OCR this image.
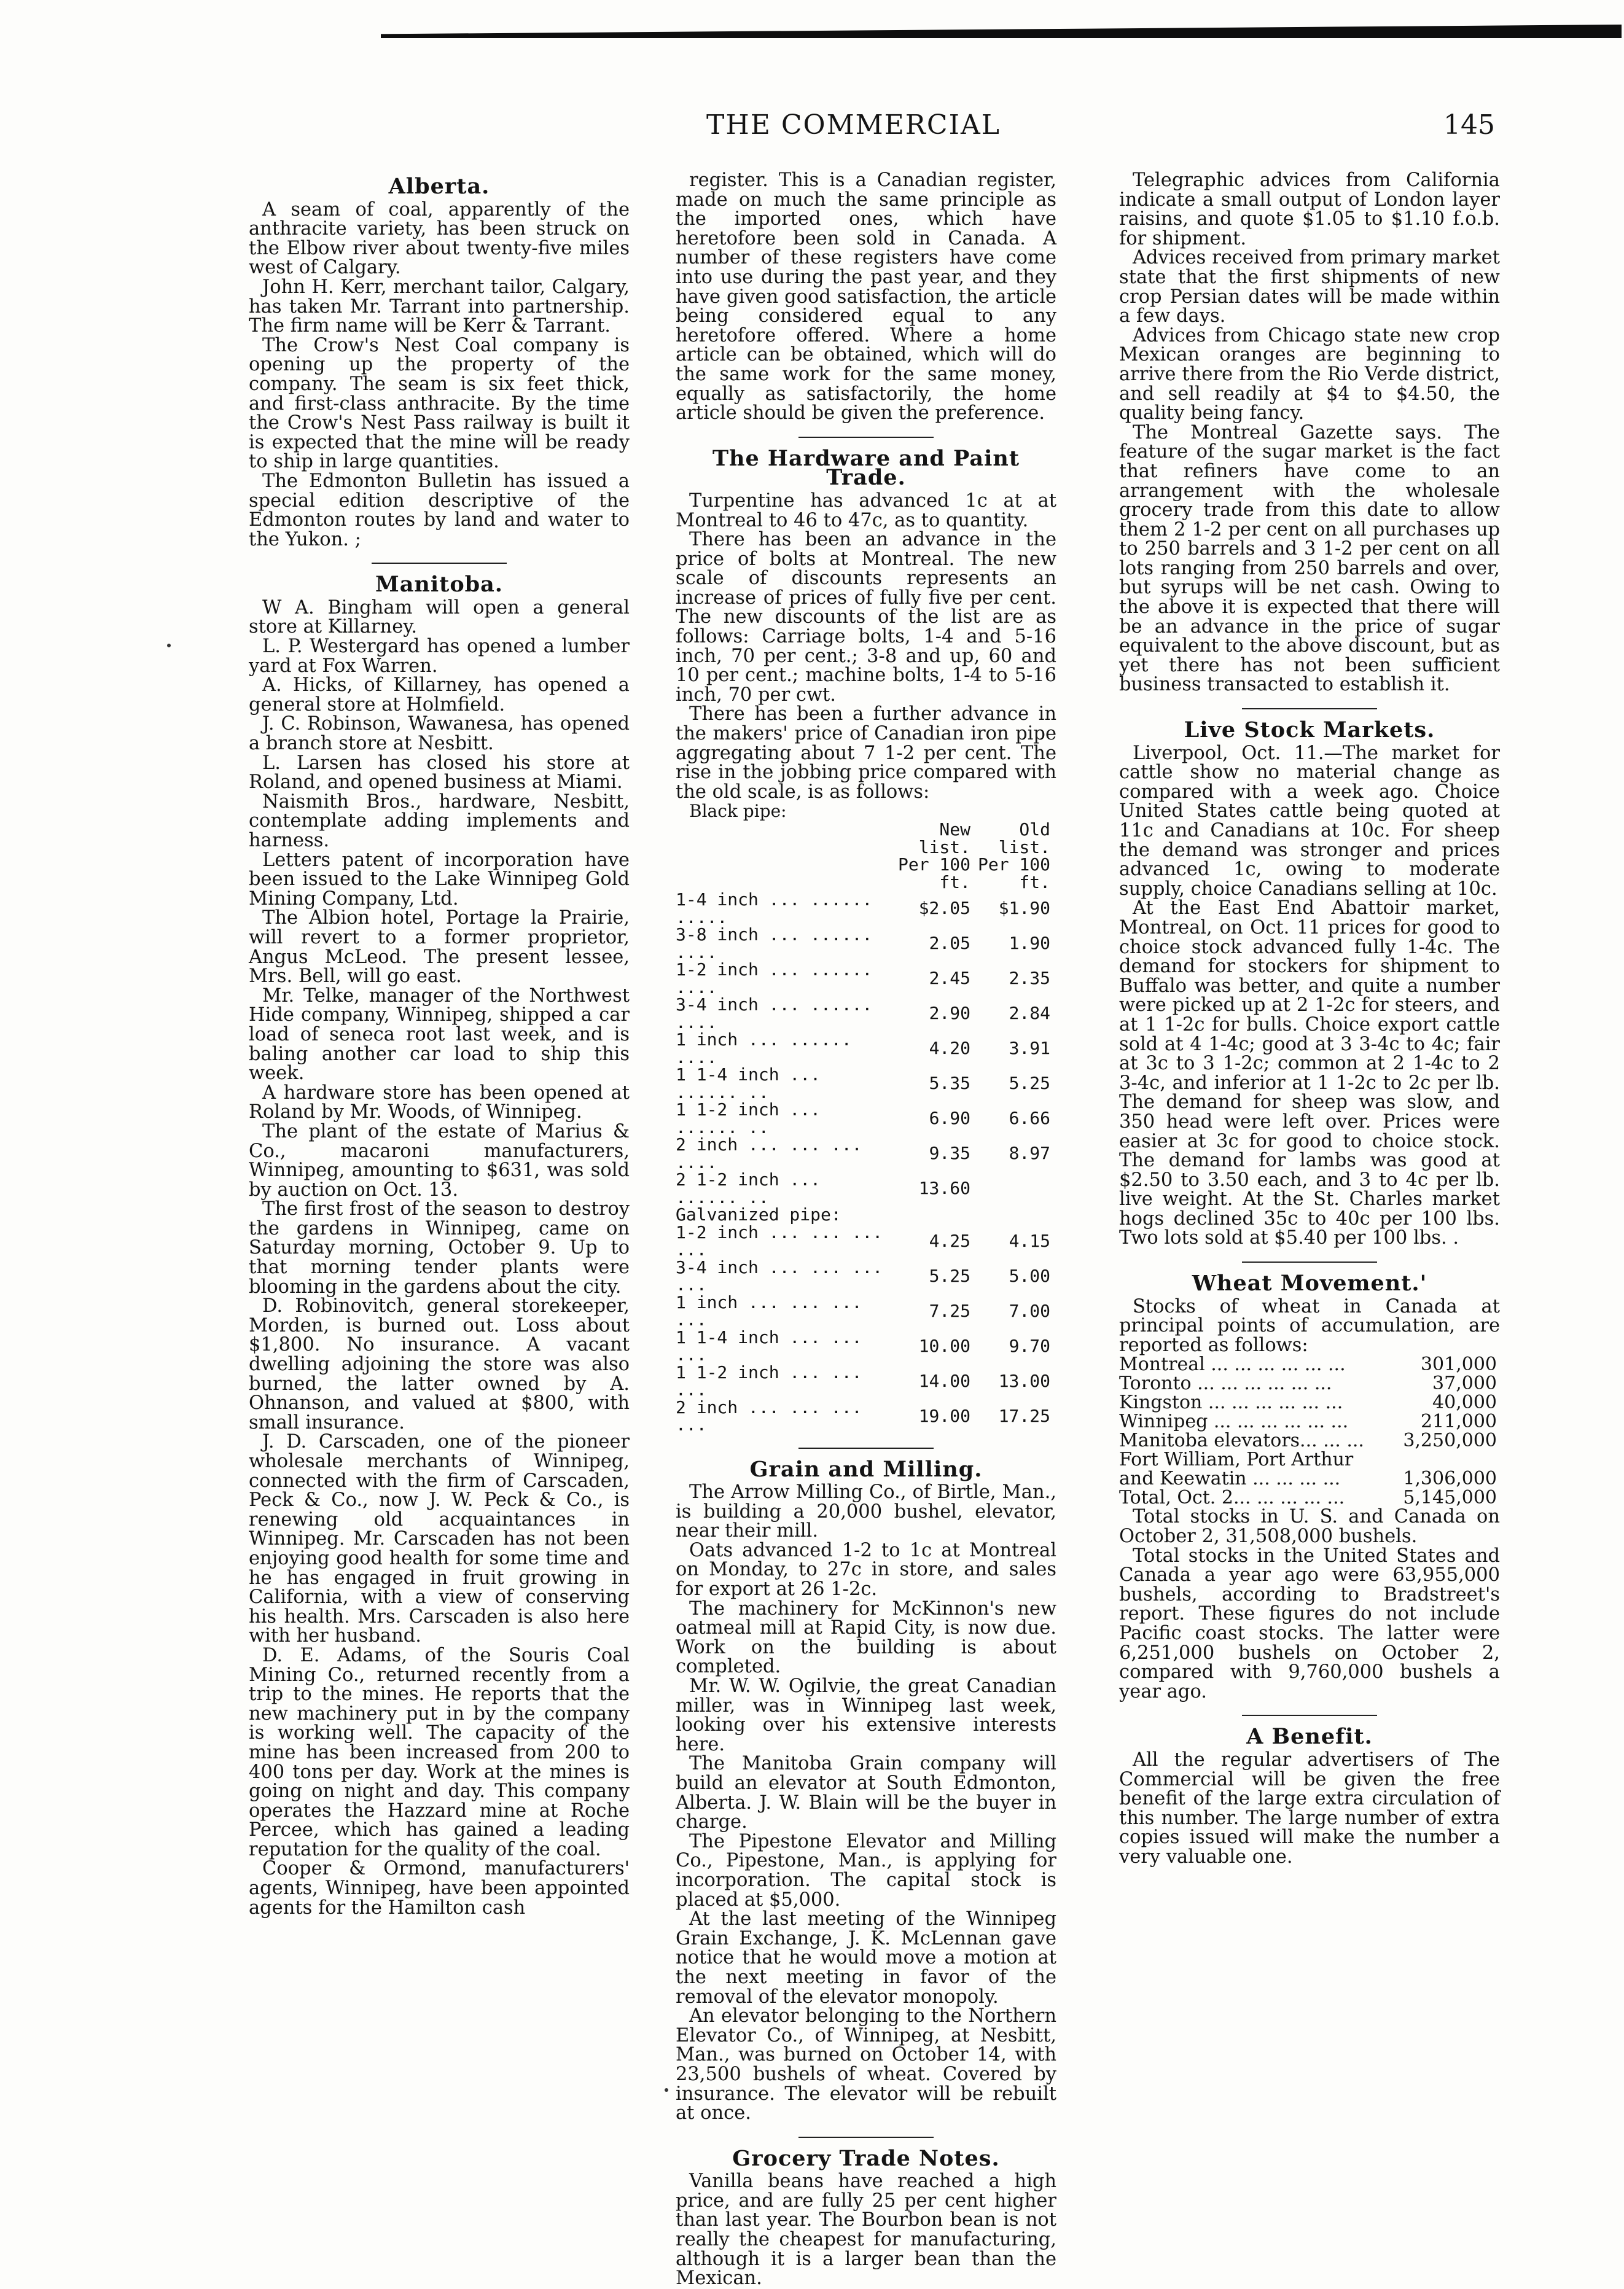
THE COMMERCIAL	145
Alberta.

A seam of coal, apparently of the anthracite variety, has been struck on the Elbow river about twenty-five miles west of Calgary.

John H. Kerr, merchant tailor, Calgary, has taken Mr. Tarrant into partnership. The firm name will be Kerr & Tarrant.

The Crow's Nest Coal company is opening up the property of the company. The seam is six feet thick, and first-class anthracite. By the time the Crow's Nest Pass railway is built it is expected that the mine will be ready to ship in large quantities.

The Edmonton Bulletin has issued a special edition descriptive of the Edmonton routes by land and water to the Yukon. ;

Manitoba.

W A. Bingham will open a general store at Killarney.

L. P. Westergard has opened a lumber yard at Fox Warren.

A. Hicks, of Killarney, has opened a general store at Holmfield.

J. C. Robinson, Wawanesa, has opened a branch store at Nesbitt.

L. Larsen has closed his store at Roland, and opened business at Miami.

Naismith Bros., hardware, Nesbitt, contemplate adding implements and harness.

Letters patent of incorporation have been issued to the Lake Winnipeg Gold Mining Company, Ltd.

The Albion hotel, Portage la Prairie, will revert to a former proprietor, Angus McLeod. The present lessee, Mrs. Bell, will go east.

Mr. Telke, manager of the Northwest Hide company, Winnipeg, shipped a car load of seneca root last week, and is baling another car load to ship this week.

A hardware store has been opened at Roland by Mr. Woods, of Winnipeg.

The plant of the estate of Marius & Co., macaroni manufacturers, Winnipeg, amounting to $631, was sold by auction on Oct. 13.

The first frost of the season to destroy the gardens in Winnipeg, came on Saturday morning, October 9. Up to that morning tender plants were blooming in the gardens about the city.

D. Robinovitch, general storekeeper, Morden, is burned out. Loss about $1,800. No insurance. A vacant dwelling adjoining the store was also burned, the latter owned by A. Ohnanson, and valued at $800, with small insurance.

J. D. Carscaden, one of the pioneer wholesale merchants of Winnipeg, connected with the firm of Carscaden, Peck & Co., now J. W. Peck & Co., is renewing old acquaintances in Winnipeg. Mr. Carscaden has not been enjoying good health for some time and he has engaged in fruit growing in California, with a view of conserving his health. Mrs. Carscaden is also here with her husband.

D. E. Adams, of the Souris Coal Mining Co., returned recently from a trip to the mines. He reports that the new machinery put in by the company is working well. The capacity of the mine has been increased from 200 to 400 tons per day. Work at the mines is going on night and day. This company operates the Hazzard mine at Roche Percee, which has gained a leading reputation for the quality of the coal.

Cooper & Ormond, manufacturers' agents, Winnipeg, have been appointed agents for the Hamilton cash

register. This is a Canadian register, made on much the same principle as the imported ones, which have heretofore been sold in Canada. A number of these registers have come into use during the past year, and they have given good satisfaction, the article being considered equal to any heretofore offered. Where a home article can be obtained, which will do the same work for the same money, equally as satisfactorily, the home article should be given the preference.

The Hardware and Paint Trade.

Turpentine has advanced 1c at at Montreal to 46 to 47c, as to quantity.

There has been an advance in the price of bolts at Montreal. The new scale of discounts represents an increase of prices of fully five per cent. The new discounts of the list are as follows: Carriage bolts, 1-4 and 5-16 inch, 70 per cent.; 3-8 and up, 60 and 10 per cent.; machine bolts, 1-4 to 5-16 inch, 70 per cwt.

There has been a further advance in the makers' price of Canadian iron pipe aggregating about 7 1-2 per cent. The rise in the jobbing price compared with the old scale, is as follows:

Black pipe:
	New list.	Old list.
	Per 100 ft.	Per 100 ft.
1-4 inch ... ...... .....	$2.05	$1.90
3-8 inch ... ...... ....	2.05	1.90
1-2 inch ... ...... ....	2.45	2.35
3-4 inch ... ...... ....	2.90	2.84
1 inch ... ...... ....	4.20	3.91
1 1-4 inch ... ...... ..	5.35	5.25
1 1-2 inch ... ...... ..	6.90	6.66
2 inch ... ... ... ....	9.35	8.97
2 1-2 inch ... ...... ..	13.60	
Galvanized pipe:		
1-2 inch ... ... ... ...	4.25	4.15
3-4 inch ... ... ... ...	5.25	5.00
1 inch ... ... ... ...	7.25	7.00
1 1-4 inch ... ... ...	10.00	9.70
1 1-2 inch ... ... ...	14.00	13.00
2 inch ... ... ... ...	19.00	17.25
Grain and Milling.

The Arrow Milling Co., of Birtle, Man., is building a 20,000 bushel, elevator, near their mill.

Oats advanced 1-2 to 1c at Montreal on Monday, to 27c in store, and sales for export at 26 1-2c.

The machinery for McKinnon's new oatmeal mill at Rapid City, is now due. Work on the building is about completed.

Mr. W. W. Ogilvie, the great Canadian miller, was in Winnipeg last week, looking over his extensive interests here.

The Manitoba Grain company will build an elevator at South Edmonton, Alberta. J. W. Blain will be the buyer in charge.

The Pipestone Elevator and Milling Co., Pipestone, Man., is applying for incorporation. The capital stock is placed at $5,000.

At the last meeting of the Winnipeg Grain Exchange, J. K. McLennan gave notice that he would move a motion at the next meeting in favor of the removal of the elevator monopoly.

An elevator belonging to the Northern Elevator Co., of Winnipeg, at Nesbitt, Man., was burned on October 14, with 23,500 bushels of wheat. Covered by insurance. The elevator will be rebuilt at once.

Grocery Trade Notes.

Vanilla beans have reached a high price, and are fully 25 per cent higher than last year. The Bourbon bean is not really the cheapest for manufacturing, although it is a larger bean than the Mexican.

Telegraphic advices from California indicate a small output of London layer raisins, and quote $1.05 to $1.10 f.o.b. for shipment.

Advices received from primary market state that the first shipments of new crop Persian dates will be made within a few days.

Advices from Chicago state new crop Mexican oranges are beginning to arrive there from the Rio Verde district, and sell readily at $4 to $4.50, the quality being fancy.

The Montreal Gazette says. The feature of the sugar market is the fact that refiners have come to an arrangement with the wholesale grocery trade from this date to allow them 2 1-2 per cent on all purchases up to 250 barrels and 3 1-2 per cent on all lots ranging from 250 barrels and over, but syrups will be net cash. Owing to the above it is expected that there will be an advance in the price of sugar equivalent to the above discount, but as yet there has not been sufficient business transacted to establish it.

Live Stock Markets.

Liverpool, Oct. 11.—The market for cattle show no material change as compared with a week ago. Choice United States cattle being quoted at 11c and Canadians at 10c. For sheep the demand was stronger and prices advanced 1c, owing to moderate supply, choice Canadians selling at 10c.

At the East End Abattoir market, Montreal, on Oct. 11 prices for good to choice stock advanced fully 1-4c. The demand for stockers for shipment to Buffalo was better, and quite a number were picked up at 2 1-2c for steers, and at 1 1-2c for bulls. Choice export cattle sold at 4 1-4c; good at 3 3-4c to 4c; fair at 3c to 3 1-2c; common at 2 1-4c to 2 3-4c, and inferior at 1 1-2c to 2c per lb. The demand for sheep was slow, and 350 head were left over. Prices were easier at 3c for good to choice stock. The demand for lambs was good at $2.50 to 3.50 each, and 3 to 4c per lb. live weight. At the St. Charles market hogs declined 35c to 40c per 100 lbs. Two lots sold at $5.40 per 100 lbs. .

Wheat Movement.'

Stocks of wheat in Canada at principal points of accumulation, are reported as follows:

Montreal ... ... ... ... ... ...	301,000
Toronto ... ... ... ... ... ...	37,000
Kingston ... ... ... ... ... ...	40,000
Winnipeg ... ... ... ... ... ...	211,000
Manitoba elevators... ... ...	3,250,000
Fort William, Port Arthur	
and Keewatin ... ... ... ...	1,306,000
Total, Oct. 2... ... ... ... ...	5,145,000

Total stocks in U. S. and Canada on October 2, 31,508,000 bushels.

Total stocks in the United States and Canada a year ago were 63,955,000 bushels, according to Bradstreet's report. These figures do not include Pacific coast stocks. The latter were 6,251,000 bushels on October 2, compared with 9,760,000 bushels a year ago.

A Benefit.

All the regular advertisers of The Commercial will be given the free benefit of the large extra circulation of this number. The large number of extra copies issued will make the number a very valuable one.
